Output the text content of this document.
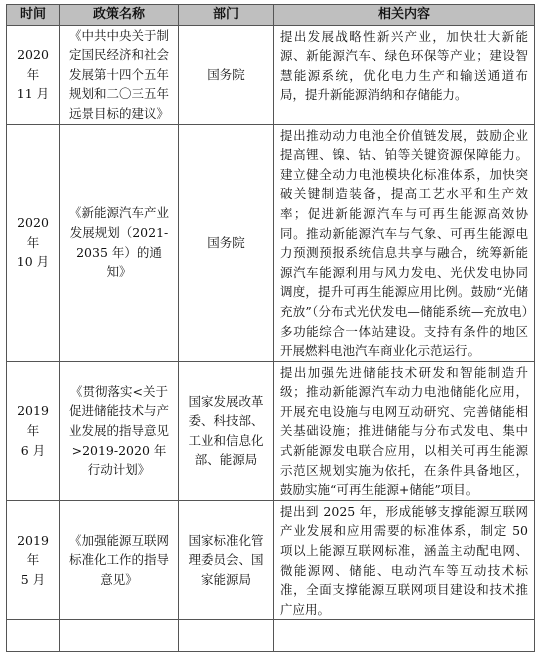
时间	政策名称	部门	相关内容

2020 年
11 月	《中共中央关于制定国民经济和社会发展第十四个五年规划和二〇三五年远景目标的建议》	国务院	提出发展战略性新兴产业，加快壮大新能源、新能源汽车、绿色环保等产业；建设智慧能源系统，优化电力生产和输送通道布局，提升新能源消纳和存储能力。

2020 年
10 月	《新能源汽车产业发展规划（2021-2035 年）的通知》	国务院	提出推动动力电池全价值链发展，鼓励企业提高锂、镍、钴、铂等关键资源保障能力。建立健全动力电池模块化标准体系，加快突破关键制造装备，提高工艺水平和生产效率；促进新能源汽车与可再生能源高效协同。推动新能源汽车与气象、可再生能源电力预测预报系统信息共享与融合，统筹新能源汽车能源利用与风力发电、光伏发电协同调度，提升可再生能源应用比例。鼓励“光储充放”（分布式光伏发电—储能系统—充放电）多功能综合一体站建设。支持有条件的地区开展燃料电池汽车商业化示范运行。

2019 年
6 月	《贯彻落实<关于促进储能技术与产业发展的指导意见>2019-2020 年行动计划》	国家发展改革委、科技部、工业和信息化部、能源局	提出加强先进储能技术研发和智能制造升级；推动新能源汽车动力电池储能化应用，开展充电设施与电网互动研究、完善储能相关基础设施；推进储能与分布式发电、集中式新能源发电联合应用，以相关可再生能源示范区规划实施为依托，在条件具备地区，鼓励实施“可再生能源+储能”项目。

2019 年
5 月	《加强能源互联网标准化工作的指导意见》	国家标准化管理委员会、国家能源局	提出到 2025 年，形成能够支撑能源互联网产业发展和应用需要的标准体系，制定 50 项以上能源互联网标准，涵盖主动配电网、微能源网、储能、电动汽车等互动技术标准，全面支撑能源互联网项目建设和技术推广应用。
